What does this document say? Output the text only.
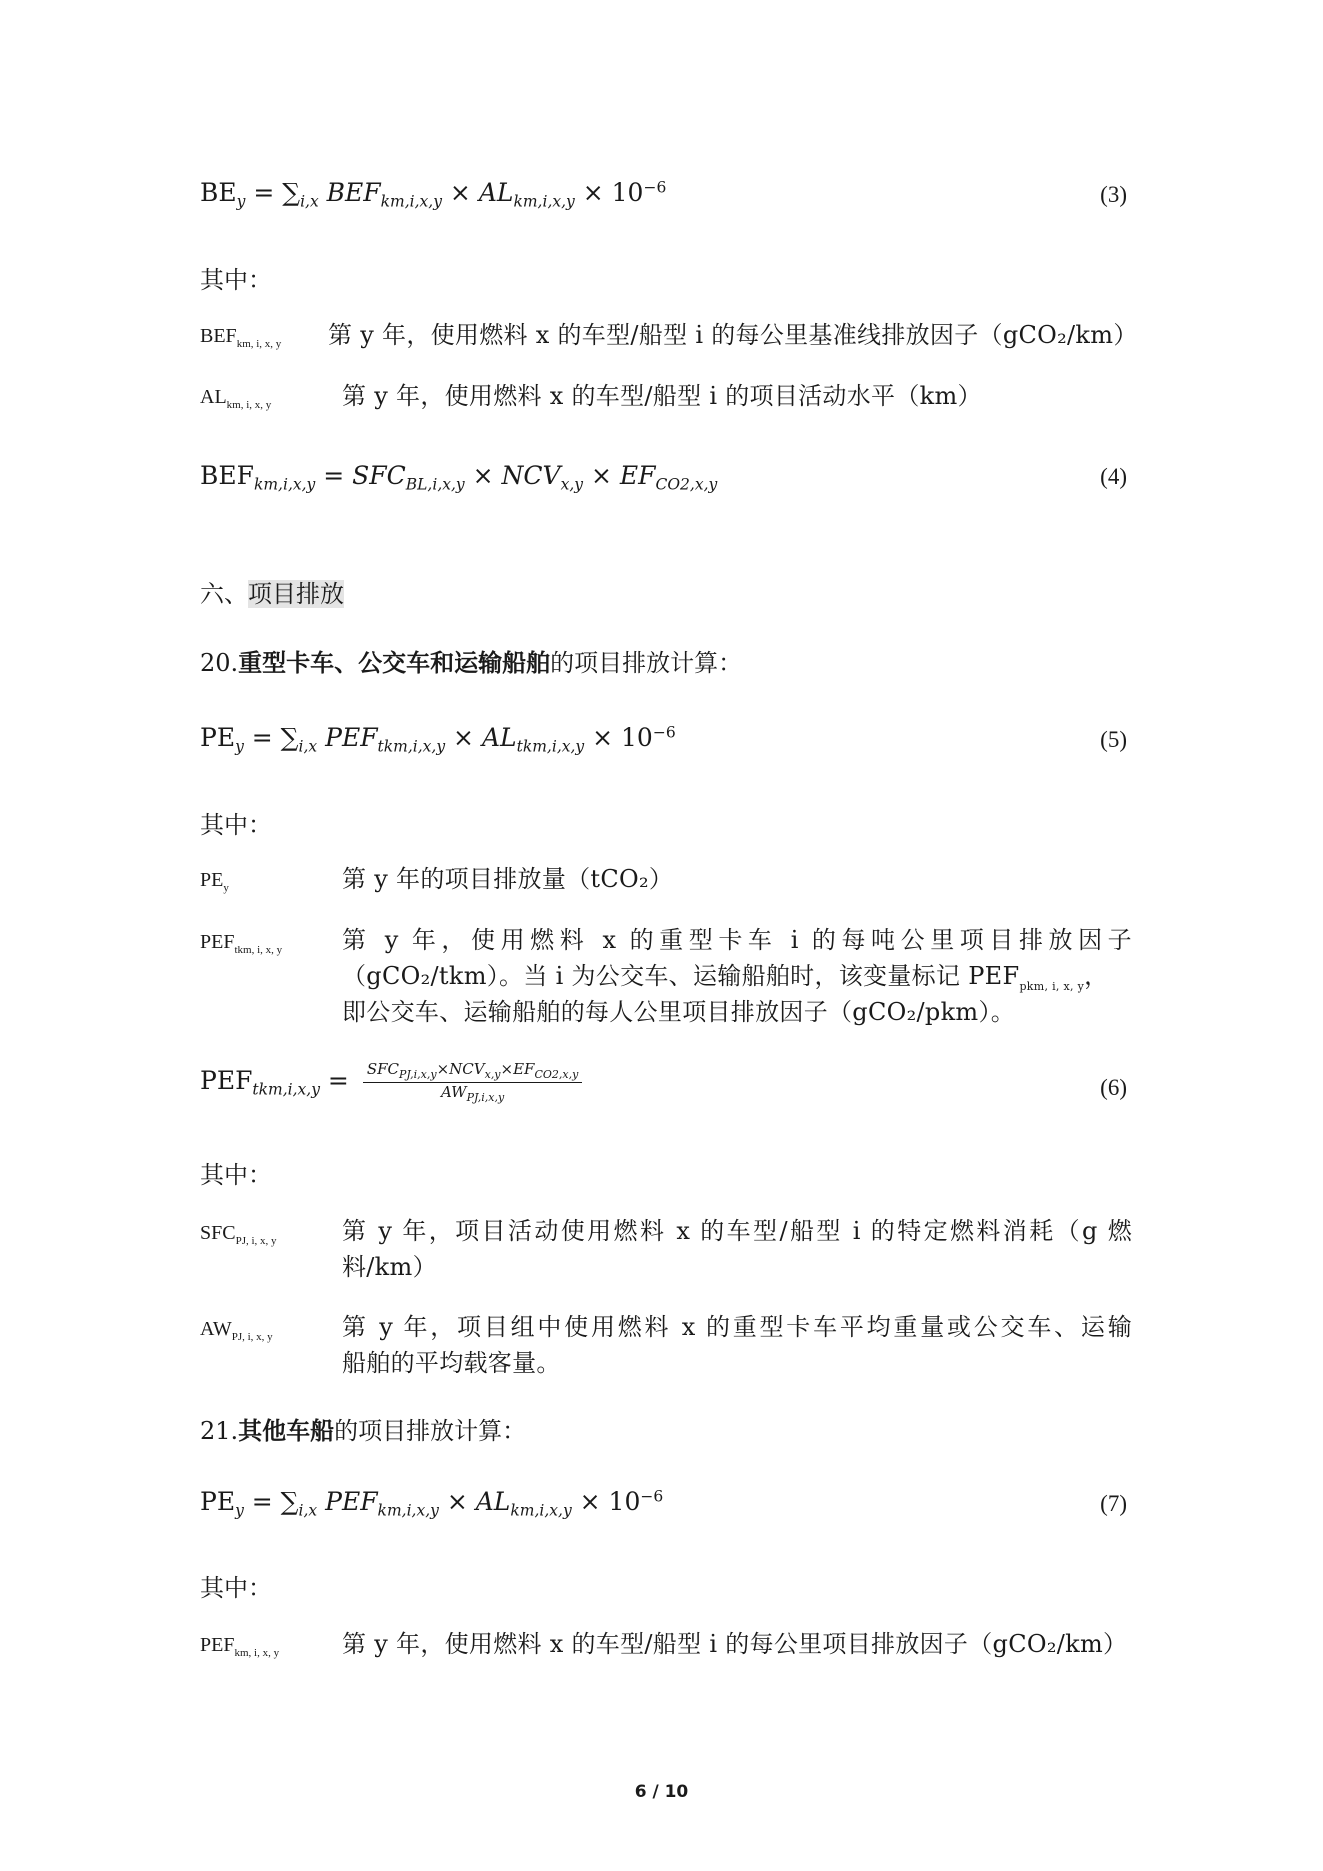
$BE_y = \sum_{i,x}$ $BEF_{km,i,x,y} \times AL_{km,i,x,y} \times 10^{-6}$	(3)
其中：
$BEF_{km, i, x, y}$ 第 y 年，使用燃料 x 的车型/船型 i 的每公里基准线排放因子（gCO₂/km）
$AL_{km, i, x, y}$	第 y 年，使用燃料 x 的车型/船型 i 的项目活动水平（km）
$BEF_{km,i,x,y} = SFC_{BL,i,x,y} \times NCV_{x,y} \times EF_{CO2,x,y}$	(4)
六、项目排放
20.重型卡车、公交车和运输船舶的项目排放计算：
$PE_y = \sum_{i,x}$ $PEF_{tkm,i,x,y} \times AL_{tkm,i,x,y} \times 10^{-6}$	(5)
其中：
$PE_y$	第 y 年的项目排放量（tCO₂）
$PEF_{tkm, i, x, y}$ 第 y 年，使用燃料 x 的重型卡车 i 的每吨公里项目排放因子
（gCO₂/tkm）。当 i 为公交车、运输船舶时，该变量标记 $PEF_{pkm, i, x, y}$，
即公交车、运输船舶的每人公里项目排放因子（gCO₂/pkm）。
$PEF_{tkm,i,x,y} = \frac{SFC_{PJ,i,x,y}\times NCV_{x,y}\times EF_{CO2,x,y}}{AW_{PJ,i,x,y}}$	(6)
其中：
$SFC_{PJ, i, x, y}$	第 y 年，项目活动使用燃料 x 的车型/船型 i 的特定燃料消耗（g 燃
料/km）
$AW_{PJ, i, x, y}$	第 y 年，项目组中使用燃料 x 的重型卡车平均重量或公交车、运输
船舶的平均载客量。
21.其他车船的项目排放计算：
$PE_y = \sum_{i,x}$ $PEF_{km,i,x,y} \times AL_{km,i,x,y} \times 10^{-6}$	(7)
其中：
$PEF_{km, i, x, y}$	第 y 年，使用燃料 x 的车型/船型 i 的每公里项目排放因子（gCO₂/km）
6 / 10
